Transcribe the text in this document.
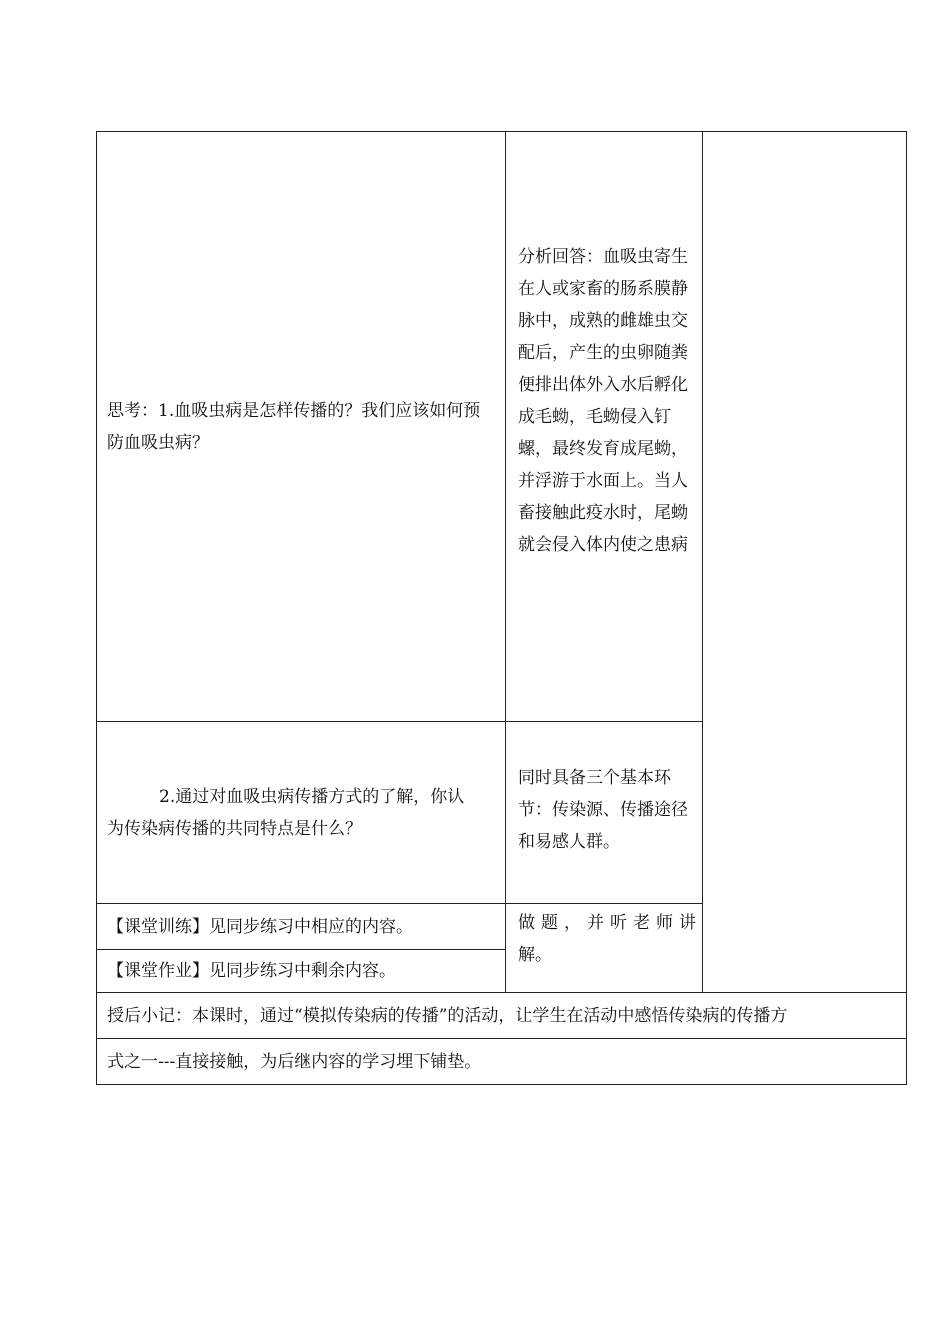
思考：1.血吸虫病是怎样传播的？我们应该如何预防血吸虫病？	分析回答：血吸虫寄生在人或家畜的肠系膜静脉中，成熟的雌雄虫交配后，产生的虫卵随粪便排出体外入水后孵化成毛蚴，毛蚴侵入钉螺，最终发育成尾蚴，并浮游于水面上。当人畜接触此疫水时，尾蚴就会侵入体内使之患病	

2.通过对血吸虫病传播方式的了解，你认
为传染病传播的共同特点是什么？	同时具备三个基本环节：传染源、传播途径和易感人群。	

【课堂训练】见同步练习中相应的内容。	做题，并听老师讲
解。	

【课堂作业】见同步练习中剩余内容。		
授后小记：本课时，通过“模拟传染病的传播”的活动，让学生在活动中感悟传染病的传播方		
式之一---直接接触，为后继内容的学习埋下铺垫。		
